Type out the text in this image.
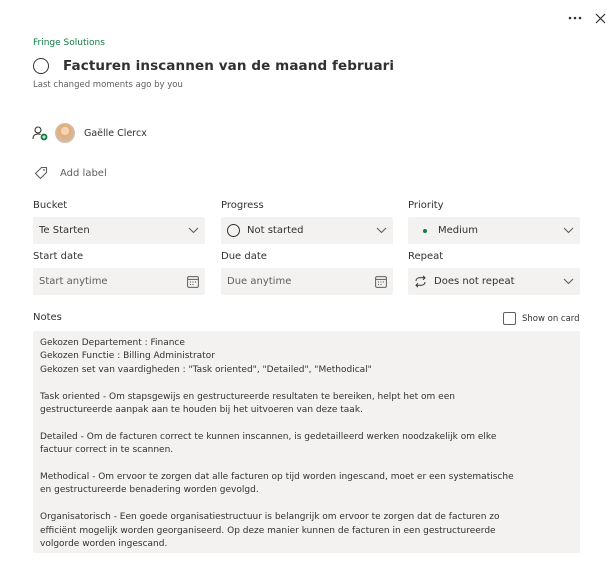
Fringe Solutions
Facturen inscannen van de maand februari
Last changed moments ago by you
Gaëlle Clercx
Add label
Bucket	Progress	Priority
Te Starten	Not started	Medium
Start date	Due date	Repeat
Start anytime	Due anytime	Does not repeat
Notes	Show on card

Gekozen Departement : Finance
Gekozen Functie : Billing Administrator
Gekozen set van vaardigheden : "Task oriented", "Detailed", "Methodical"

Task oriented - Om stapsgewijs en gestructureerde resultaten te bereiken, helpt het om een
gestructureerde aanpak aan te houden bij het uitvoeren van deze taak.

Detailed - Om de facturen correct te kunnen inscannen, is gedetailleerd werken noodzakelijk om elke
factuur correct in te scannen.

Methodical - Om ervoor te zorgen dat alle facturen op tijd worden ingescand, moet er een systematische
en gestructureerde benadering worden gevolgd.

Organisatorisch - Een goede organisatiestructuur is belangrijk om ervoor te zorgen dat de facturen zo
efficiënt mogelijk worden georganiseerd. Op deze manier kunnen de facturen in een gestructureerde
volgorde worden ingescand.
